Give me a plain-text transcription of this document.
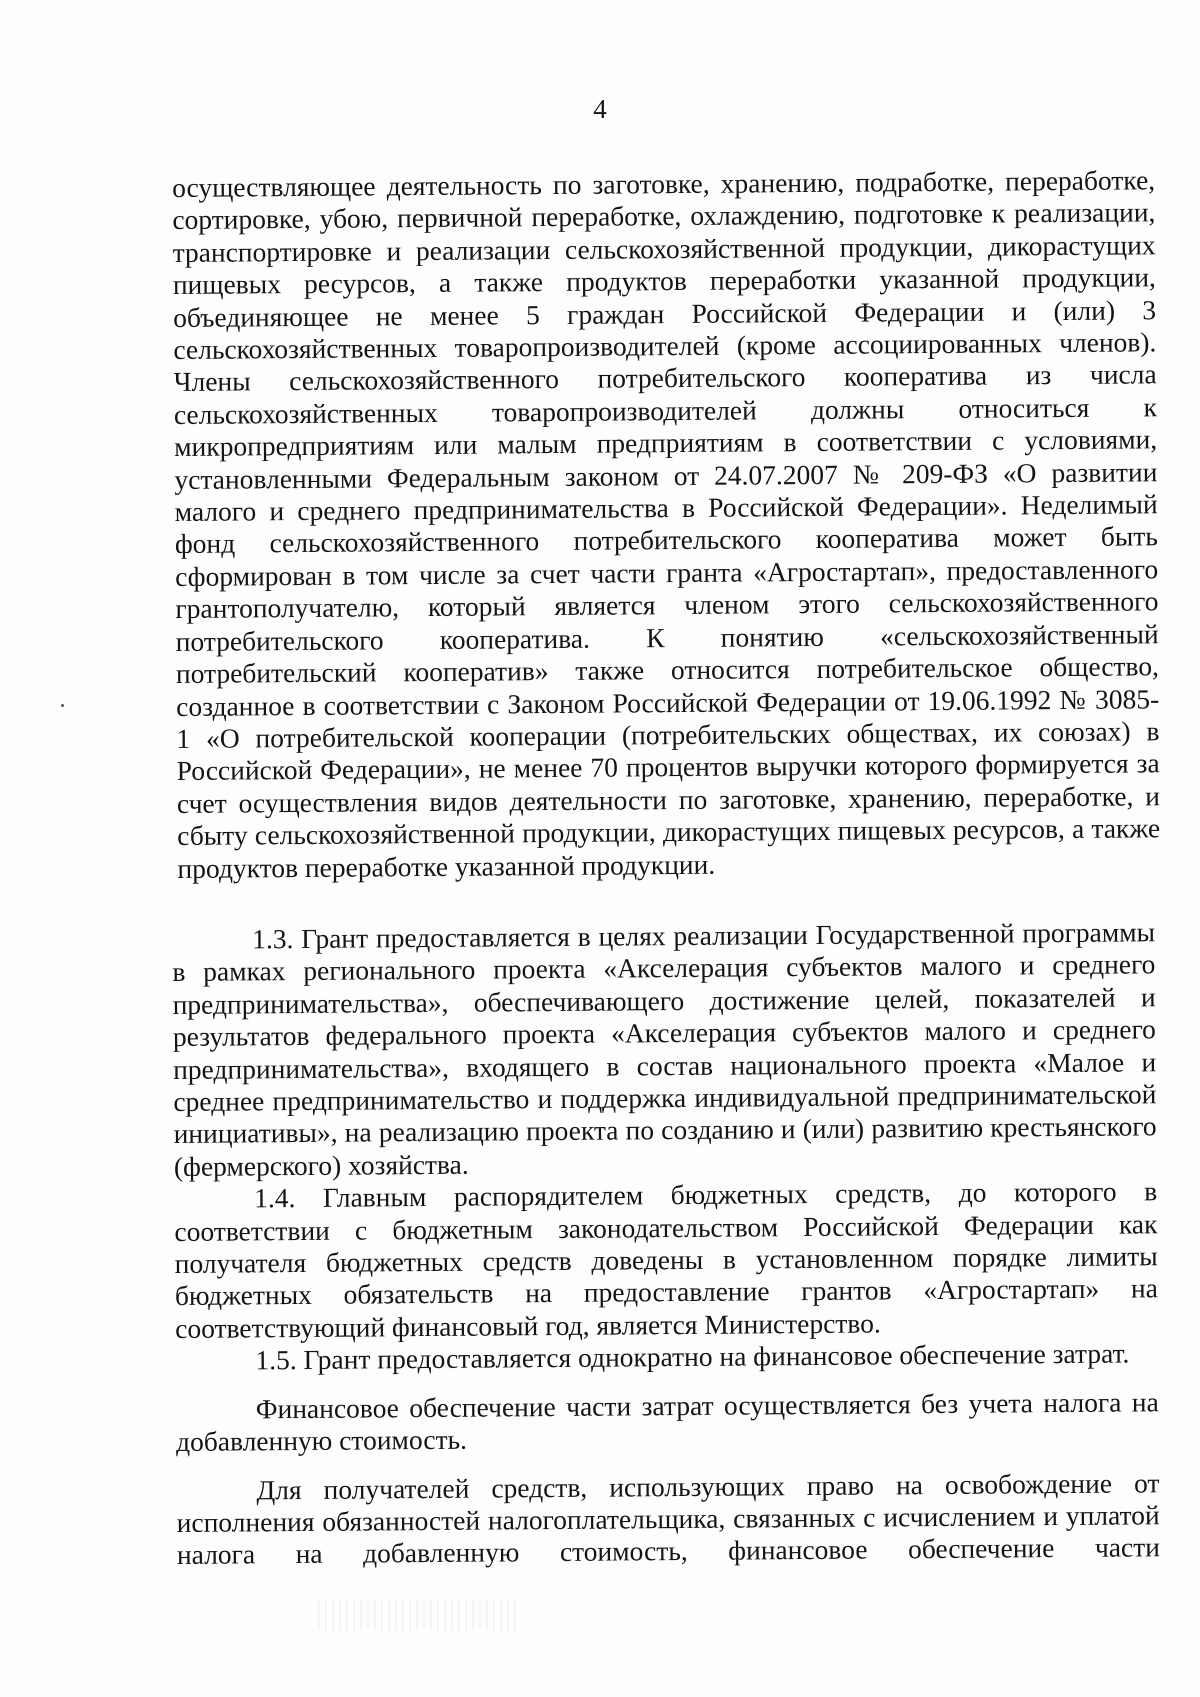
4

осуществляющее деятельность по заготовке, хранению, подработке, переработке, сортировке, убою, первичной переработке, охлаждению, подготовке к реализации, транспортировке и реализации сельскохозяйственной продукции, дикорастущих пищевых ресурсов, а также продуктов переработки указанной продукции, объединяющее не менее 5 граждан Российской Федерации и (или) 3 сельскохозяйственных товаропроизводителей (кроме ассоциированных членов). Члены сельскохозяйственного потребительского кооператива из числа сельскохозяйственных товаропроизводителей должны относиться к микропредприятиям или малым предприятиям в соответствии с условиями, установленными Федеральным законом от 24.07.2007 № 209-ФЗ «О развитии малого и среднего предпринимательства в Российской Федерации». Неделимый фонд сельскохозяйственного потребительского кооператива может быть сформирован в том числе за счет части гранта «Агростартап», предоставленного грантополучателю, который является членом этого сельскохозяйственного потребительского кооператива. К понятию «сельскохозяйственный потребительский кооператив» также относится потребительское общество, созданное в соответствии с Законом Российской Федерации от 19.06.1992 № 3085-1 «О потребительской кооперации (потребительских обществах, их союзах) в Российской Федерации», не менее 70 процентов выручки которого формируется за счет осуществления видов деятельности по заготовке, хранению, переработке, и сбыту сельскохозяйственной продукции, дикорастущих пищевых ресурсов, а также продуктов переработке указанной продукции.

1.3. Грант предоставляется в целях реализации Государственной программы в рамках регионального проекта «Акселерация субъектов малого и среднего предпринимательства», обеспечивающего достижение целей, показателей и результатов федерального проекта «Акселерация субъектов малого и среднего предпринимательства», входящего в состав национального проекта «Малое и среднее предпринимательство и поддержка индивидуальной предпринимательской инициативы», на реализацию проекта по созданию и (или) развитию крестьянского (фермерского) хозяйства.

1.4. Главным распорядителем бюджетных средств, до которого в соответствии с бюджетным законодательством Российской Федерации как получателя бюджетных средств доведены в установленном порядке лимиты бюджетных обязательств на предоставление грантов «Агростартап» на соответствующий финансовый год, является Министерство.

1.5. Грант предоставляется однократно на финансовое обеспечение затрат.

Финансовое обеспечение части затрат осуществляется без учета налога на добавленную стоимость.

Для получателей средств, использующих право на освобождение от исполнения обязанностей налогоплательщика, связанных с исчислением и уплатой налога на добавленную стоимость, финансовое обеспечение части
